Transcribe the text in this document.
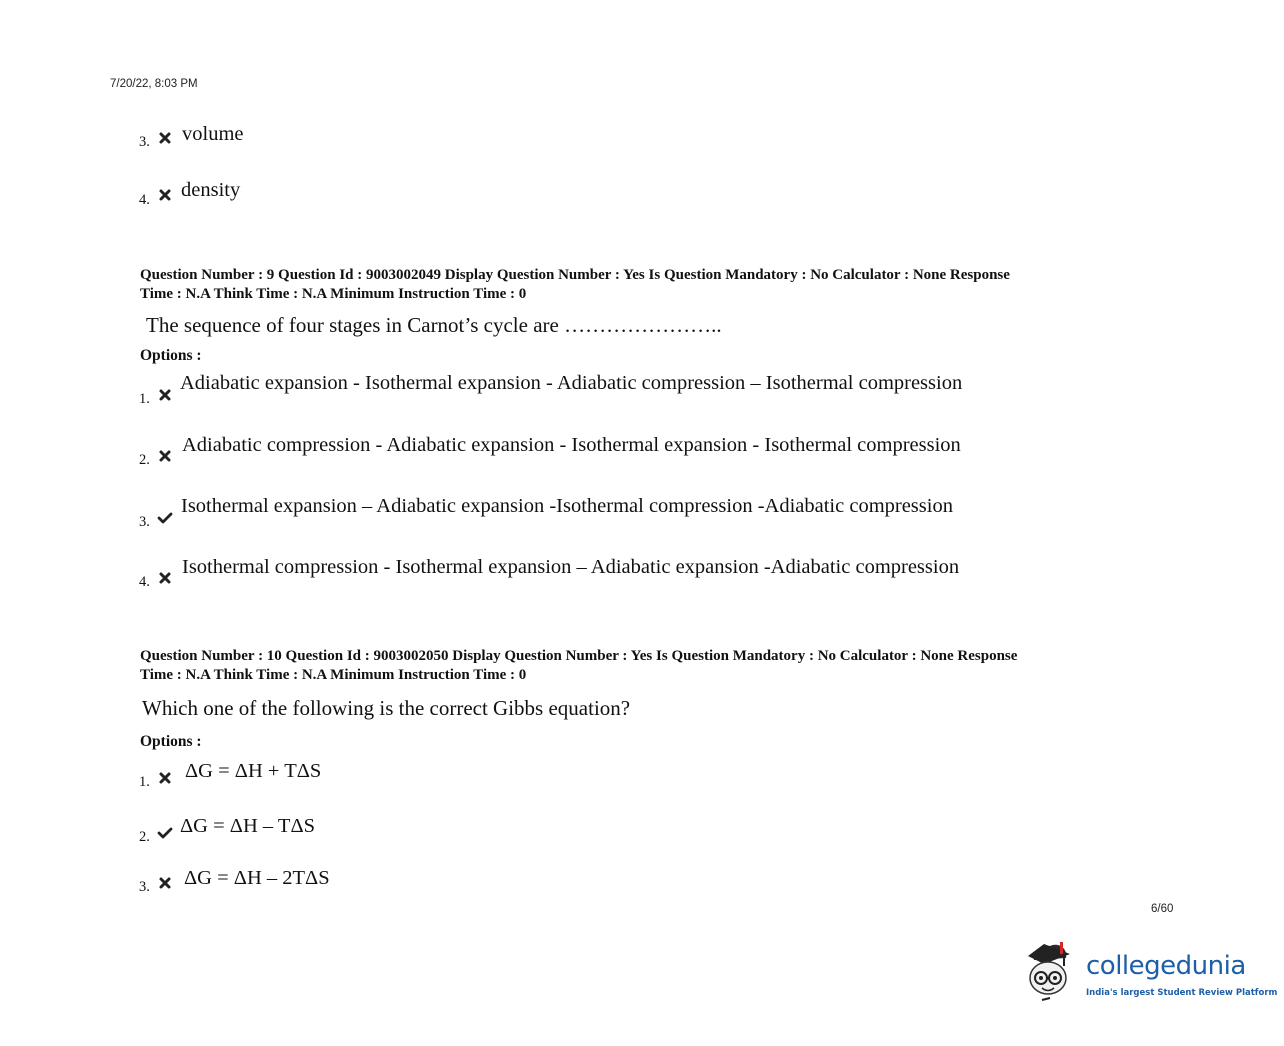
7/20/22, 8:03 PM
3. volume
4. density
Question Number : 9 Question Id : 9003002049 Display Question Number : Yes Is Question Mandatory : No Calculator : None Response
Time : N.A Think Time : N.A Minimum Instruction Time : 0
The sequence of four stages in Carnot’s cycle are …………………..
Options :
1.
Adiabatic expansion - Isothermal expansion - Adiabatic compression – Isothermal compression
2.
Adiabatic compression - Adiabatic expansion - Isothermal expansion - Isothermal compression
3.
Isothermal expansion – Adiabatic expansion -Isothermal compression -Adiabatic compression
4.
Isothermal compression - Isothermal expansion – Adiabatic expansion -Adiabatic compression
Question Number : 10 Question Id : 9003002050 Display Question Number : Yes Is Question Mandatory : No Calculator : None Response
Time : N.A Think Time : N.A Minimum Instruction Time : 0
Which one of the following is the correct Gibbs equation?
Options :
1. ΔG = ΔH + TΔS
2. ΔG = ΔH – TΔS
3. ΔG = ΔH – 2TΔS
6/60
collegedunia
India's largest Student Review Platform
